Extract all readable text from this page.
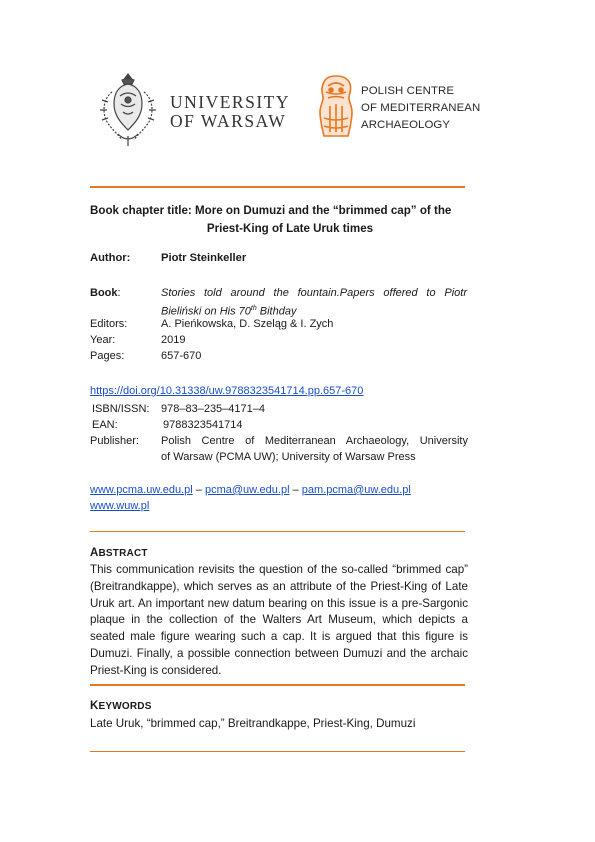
UNIVERSITY
OF WARSAW
POLISH CENTRE
OF MEDITERRANEAN
ARCHAEOLOGY
Book chapter title: More on Dumuzi and the “brimmed cap” of the
Priest-King of Late Uruk times
Author:	Piotr Steinkeller
Book:	Stories told around the fountain.Papers offered to Piotr
Bieliński on His 70th Bithday
Editors:	A. Pieńkowska, D. Szeląg & I. Zych
Year:	2019
Pages:	657-670
https://doi.org/10.31338/uw.9788323541714.pp.657-670
ISBN/ISSN: 978–83–235–4171–4
EAN:	9788323541714
Publisher: Polish Centre of Mediterranean Archaeology, University
of Warsaw (PCMA UW); University of Warsaw Press
www.pcma.uw.edu.pl – pcma@uw.edu.pl – pam.pcma@uw.edu.pl
www.wuw.pl
ABSTRACT
This communication revisits the question of the so-called “brimmed cap” (Breitrandkappe), which serves as an attribute of the Priest-King of Late Uruk art. An important new datum bearing on this issue is a pre-Sargonic plaque in the collection of the Walters Art Museum, which depicts a seated male figure wearing such a cap. It is argued that this figure is Dumuzi. Finally, a possible connection between Dumuzi and the archaic Priest-King is considered.
KEYWORDS
Late Uruk, “brimmed cap,” Breitrandkappe, Priest-King, Dumuzi
